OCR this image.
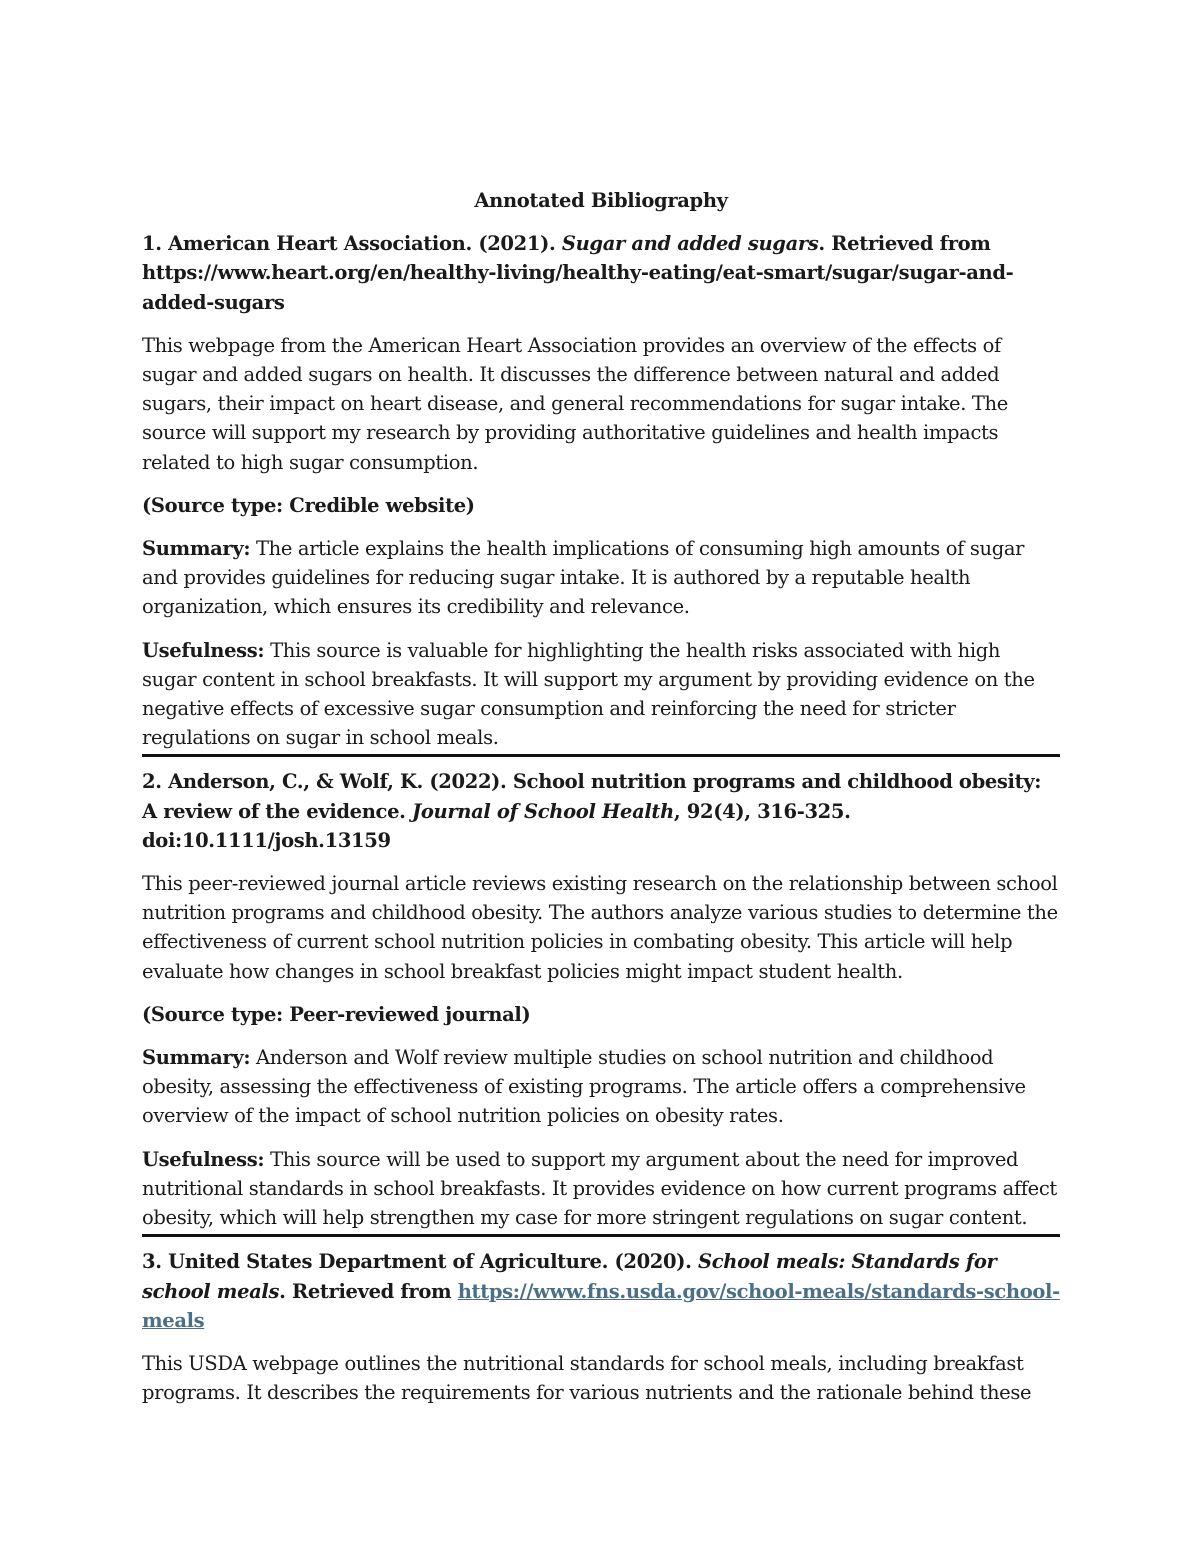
Annotated Bibliography
1. American Heart Association. (2021). Sugar and added sugars. Retrieved from https://www.heart.org/en/healthy-living/healthy-eating/eat-smart/sugar/sugar-and-added-sugars

This webpage from the American Heart Association provides an overview of the effects of sugar and added sugars on health. It discusses the difference between natural and added sugars, their impact on heart disease, and general recommendations for sugar intake. The source will support my research by providing authoritative guidelines and health impacts related to high sugar consumption.

(Source type: Credible website)

Summary: The article explains the health implications of consuming high amounts of sugar and provides guidelines for reducing sugar intake. It is authored by a reputable health organization, which ensures its credibility and relevance.

Usefulness: This source is valuable for highlighting the health risks associated with high sugar content in school breakfasts. It will support my argument by providing evidence on the negative effects of excessive sugar consumption and reinforcing the need for stricter regulations on sugar in school meals.

2. Anderson, C., & Wolf, K. (2022). School nutrition programs and childhood obesity: A review of the evidence. Journal of School Health, 92(4), 316-325. doi:10.1111/josh.13159

This peer-reviewed journal article reviews existing research on the relationship between school nutrition programs and childhood obesity. The authors analyze various studies to determine the effectiveness of current school nutrition policies in combating obesity. This article will help evaluate how changes in school breakfast policies might impact student health.

(Source type: Peer-reviewed journal)

Summary: Anderson and Wolf review multiple studies on school nutrition and childhood obesity, assessing the effectiveness of existing programs. The article offers a comprehensive overview of the impact of school nutrition policies on obesity rates.

Usefulness: This source will be used to support my argument about the need for improved nutritional standards in school breakfasts. It provides evidence on how current programs affect obesity, which will help strengthen my case for more stringent regulations on sugar content.

3. United States Department of Agriculture. (2020). School meals: Standards for school meals. Retrieved from https://www.fns.usda.gov/school-meals/standards-school-meals

This USDA webpage outlines the nutritional standards for school meals, including breakfast programs. It describes the requirements for various nutrients and the rationale behind these
